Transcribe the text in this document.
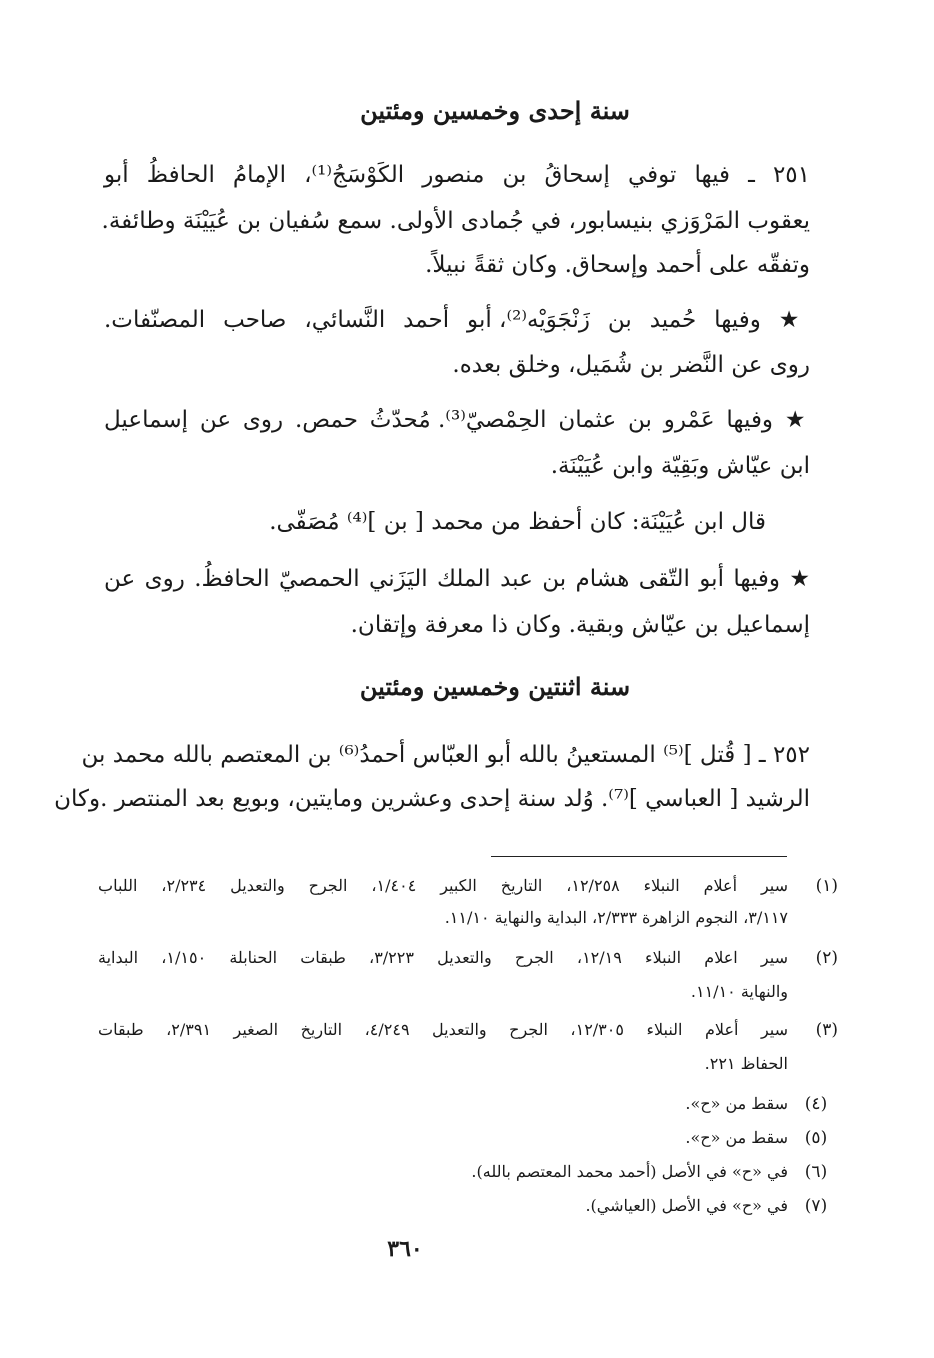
سنة إحدى وخمسين ومئتين
٢٥١ ـ فيها توفي إسحاقُ بن منصور الكَوْسَجُ⁽¹⁾، الإمامُ الحافظُ أبو
يعقوب المَرْوَزي بنيسابور، في جُمادى الأولى. سمع سُفيان بن عُيَيْنَة وطائفة.
وتفقّه على أحمد وإسحاق. وكان ثقةً نبيلاً.
★ وفيها حُميد بن زَنْجَوَيْه⁽²⁾، أبو أحمد النَّسائي، صاحب المصنّفات.
روى عن النَّضر بن شُمَيل، وخلق بعده.
★ وفيها عَمْرو بن عثمان الحِمْصيّ⁽³⁾. مُحدّثُ حمص. روى عن إسماعيل
ابن عيّاش وبَقِيّة وابن عُيَيْنَة.
قال ابن عُيَيْنَة: كان أحفظ من محمد [ بن ]⁽⁴⁾ مُصَفّى.
★ وفيها أبو التّقى هشام بن عبد الملك اليَزَني الحمصيّ الحافظُ. روى عن
إسماعيل بن عيّاش وبقية. وكان ذا معرفة وإتقان.
سنة اثنتين وخمسين ومئتين
٢٥٢ ـ [ قُتل ]⁽⁵⁾ المستعينُ بالله أبو العبّاس أحمدُ⁽⁶⁾ بن المعتصم بالله محمد بن
الرشيد [ العباسي ]⁽⁷⁾. وُلد سنة إحدى وعشرين ومايتين، وبويع بعد المنتصر .وكان
(١)
سير أعلام النبلاء ١٢/٢٥٨، التاريخ الكبير ١/٤٠٤، الجرح والتعديل ٢/٢٣٤، اللباب
٣/١١٧، النجوم الزاهرة ٢/٣٣٣، البداية والنهاية ١١/١٠.
(٢)
سير اعلام النبلاء ١٢/١٩، الجرح والتعديل ٣/٢٢٣، طبقات الحنابلة ١/١٥٠، البداية
والنهاية ١١/١٠.
(٣)
سير أعلام النبلاء ١٢/٣٠٥، الجرح والتعديل ٤/٢٤٩، التاريخ الصغير ٢/٣٩١، طبقات
الحفاظ ٢٢١.
(٤)
سقط من «ح».
(٥)
سقط من «ح».
(٦)
في «ح» في الأصل (أحمد محمد المعتصم بالله).
(٧)
في «ح» في الأصل (العياشي).
٣٦٠
